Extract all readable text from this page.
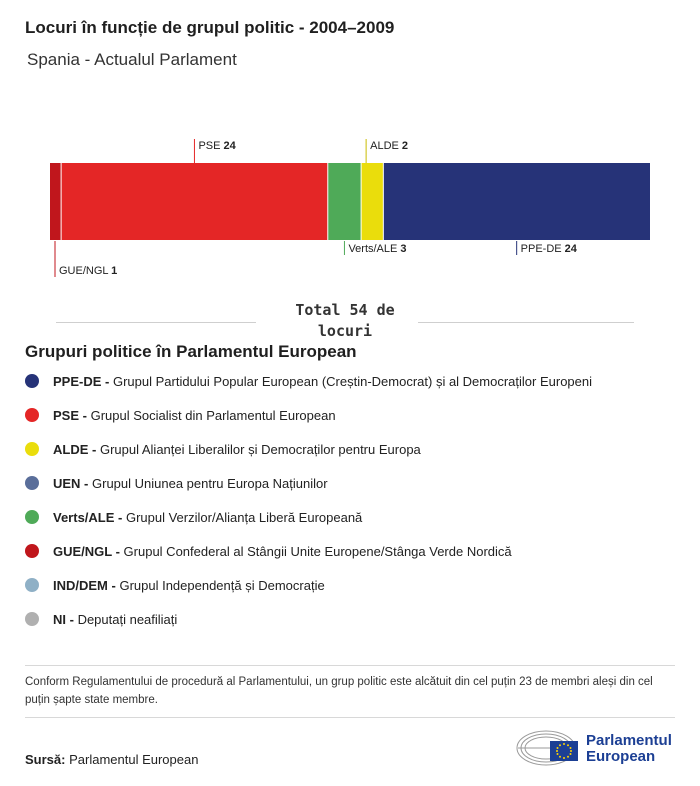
Locuri în funcție de grupul politic - 2004–2009
Spania - Actualul Parlament
GUE/NGL 1
PSE 24
Verts/ALE 3
ALDE 2
PPE-DE 24
Total 54 de locuri
Grupuri politice în Parlamentul European
PPE-DE - Grupul Partidului Popular European (Creștin-Democrat) și al Democraților Europeni
PSE - Grupul Socialist din Parlamentul European
ALDE - Grupul Alianței Liberalilor și Democraților pentru Europa
UEN - Grupul Uniunea pentru Europa Națiunilor
Verts/ALE - Grupul Verzilor/Alianța Liberă Europeană
GUE/NGL - Grupul Confederal al Stângii Unite Europene/Stânga Verde Nordică
IND/DEM - Grupul Independență și Democrație
NI - Deputați neafiliați
Conform Regulamentului de procedură al Parlamentului, un grup politic este alcătuit din cel puțin 23 de membri aleși din cel puțin șapte state membre.
Sursă: Parlamentul European
Parlamentul
European
